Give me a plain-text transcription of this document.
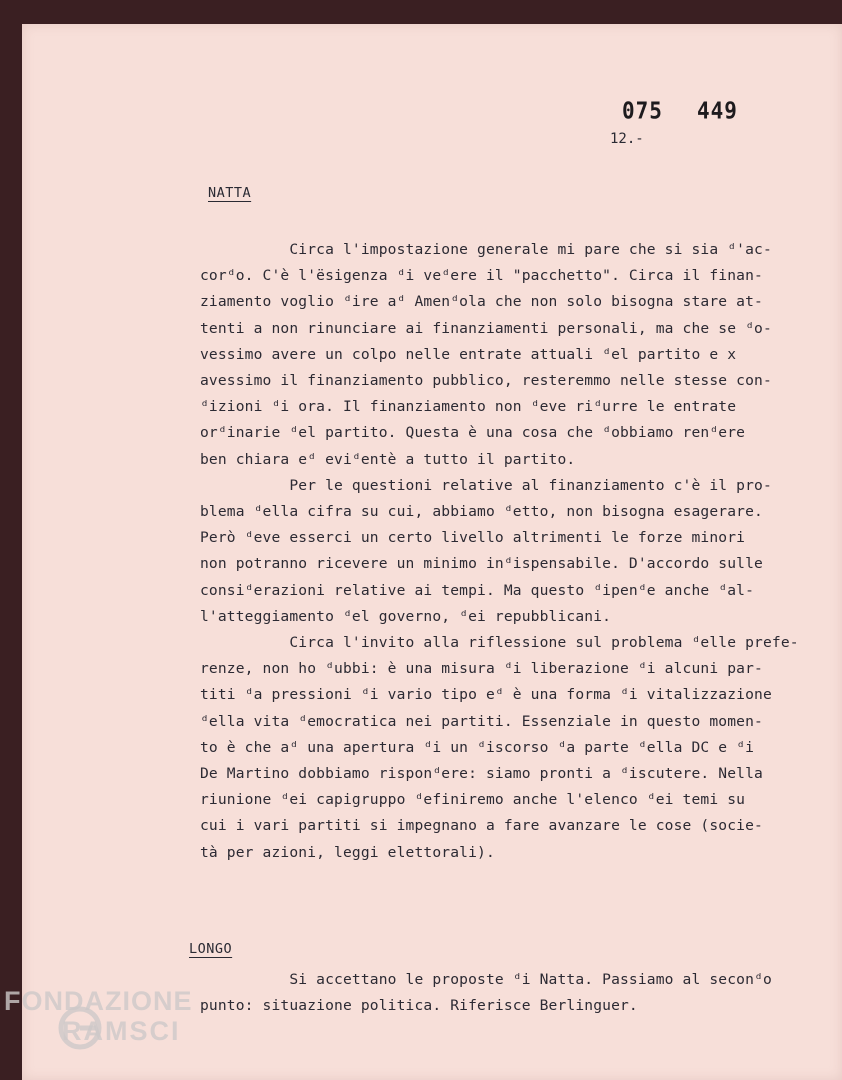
075 449
12.-
NATTA

Circa l'impostazione generale mi pare che si sia ᵈ'ac-

corᵈo. C'è l'ësigenza ᵈi veᵈere il "pacchetto". Circa il finan-

ziamento voglio ᵈire aᵈ Amenᵈola che non solo bisogna stare at-

tenti a non rinunciare ai finanziamenti personali, ma che se ᵈo-

vessimo avere un colpo nelle entrate attuali ᵈel partito e x

avessimo il finanziamento pubblico, resteremmo nelle stesse con-

ᵈizioni ᵈi ora. Il finanziamento non ᵈeve riᵈurre le entrate

orᵈinarie ᵈel partito. Questa è una cosa che ᵈobbiamo renᵈere

ben chiara eᵈ eviᵈentè a tutto il partito.

Per le questioni relative al finanziamento c'è il pro-

blema ᵈella cifra su cui, abbiamo ᵈetto, non bisogna esagerare.

Però ᵈeve esserci un certo livello altrimenti le forze minori

non potranno ricevere un minimo inᵈispensabile. D'accordo sulle

consiᵈerazioni relative ai tempi. Ma questo ᵈipenᵈe anche ᵈal-

l'atteggiamento ᵈel governo, ᵈei repubblicani.

Circa l'invito alla riflessione sul problema ᵈelle prefe-

renze, non ho ᵈubbi: è una misura ᵈi liberazione ᵈi alcuni par-

titi ᵈa pressioni ᵈi vario tipo eᵈ è una forma ᵈi vitalizzazione

ᵈella vita ᵈemocratica nei partiti. Essenziale in questo momen-

to è che aᵈ una apertura ᵈi un ᵈiscorso ᵈa parte ᵈella DC e ᵈi

De Martino dobbiamo risponᵈere: siamo pronti a ᵈiscutere. Nella

riunione ᵈei capigruppo ᵈefiniremo anche l'elenco ᵈei temi su

cui i vari partiti si impegnano a fare avanzare le cose (socie-

tà per azioni, leggi elettorali).

LONGO

Si accettano le proposte ᵈi Natta. Passiamo al seconᵈo

punto: situazione politica. Riferisce Berlinguer.

FONDAZIONE
RAMSCI
